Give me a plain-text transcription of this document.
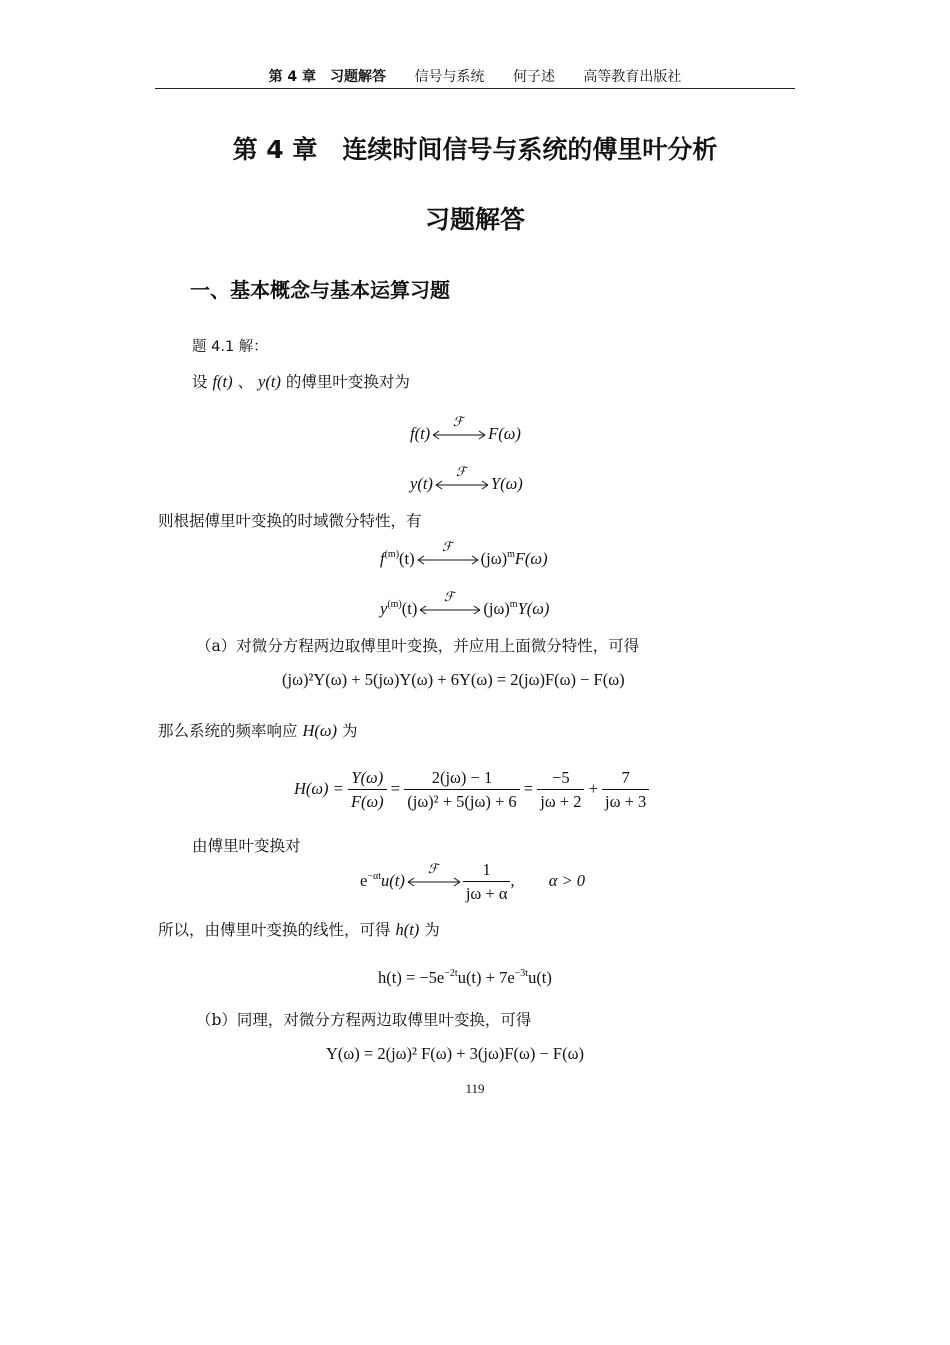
第 4 章　习题解答 信号与系统 何子述 高等教育出版社
第 4 章　连续时间信号与系统的傅里叶分析
习题解答
一、基本概念与基本运算习题
题 4.1 解：
设 f(t) 、 y(t) 的傅里叶变换对为
f(t)
ℱ
F(ω)
y(t)
ℱ
Y(ω)
则根据傅里叶变换的时域微分特性，有
$f^{(m)}(t)$
ℱ
$(j\omega)^mF(\omega)$
$y^{(m)}(t)$
ℱ
$(j\omega)^mY(\omega)$
（a）对微分方程两边取傅里叶变换，并应用上面微分特性，可得
(jω)²Y(ω) + 5(jω)Y(ω) + 6Y(ω) = 2(jω)F(ω) − F(ω)
那么系统的频率响应 H(ω) 为
$H(\omega) = \frac{Y(\omega)}{F(\omega)} = \frac{2(j\omega) - 1}{\text{(jω)² + 5(jω) + 6}} = \frac{-5}{j\omega + 2} + \frac{7}{j\omega + 3}$
由傅里叶变换对
$e^{-\alpha t}u(t)$
ℱ $\frac{1}{j\omega + \alpha}$ , α > 0
所以，由傅里叶变换的线性，可得 h(t) 为
$h(t) = -5e^{-2t}u(t) + 7e^{-3t}u(t)$
（b）同理，对微分方程两边取傅里叶变换，可得
Y(ω) = 2(jω)² F(ω) + 3(jω)F(ω) − F(ω)
119
